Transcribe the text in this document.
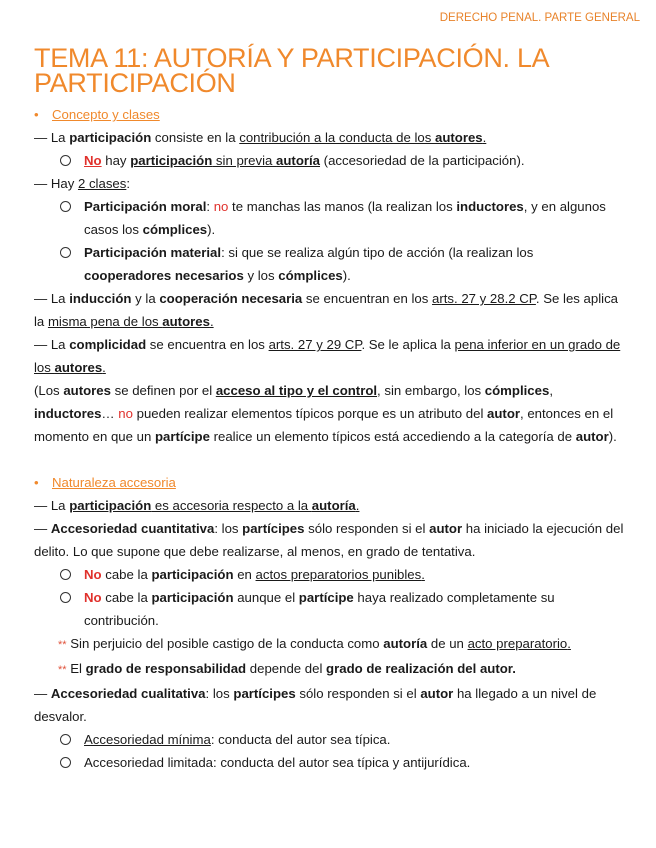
DERECHO PENAL. PARTE GENERAL
TEMA 11: AUTORÍA Y PARTICIPACIÓN. LA PARTICIPACIÓN
• Concepto y clases
— La participación consiste en la contribución a la conducta de los autores.
No hay participación sin previa autoría (accesoriedad de la participación).
— Hay 2 clases:
Participación moral: no te manchas las manos (la realizan los inductores, y en algunos casos los cómplices).
Participación material: si que se realiza algún tipo de acción (la realizan los cooperadores necesarios y los cómplices).
— La inducción y la cooperación necesaria se encuentran en los arts. 27 y 28.2 CP. Se les aplica la misma pena de los autores.
— La complicidad se encuentra en los arts. 27 y 29 CP. Se le aplica la pena inferior en un grado de los autores.
(Los autores se definen por el acceso al tipo y el control, sin embargo, los cómplices, inductores… no pueden realizar elementos típicos porque es un atributo del autor, entonces en el momento en que un partícipe realice un elemento típicos está accediendo a la categoría de autor).
• Naturaleza accesoria
— La participación es accesoria respecto a la autoría.
— Accesoriedad cuantitativa: los partícipes sólo responden si el autor ha iniciado la ejecución del delito. Lo que supone que debe realizarse, al menos, en grado de tentativa.
No cabe la participación en actos preparatorios punibles.
No cabe la participación aunque el partícipe haya realizado completamente su contribución.
** Sin perjuicio del posible castigo de la conducta como autoría de un acto preparatorio.
** El grado de responsabilidad depende del grado de realización del autor.
— Accesoriedad cualitativa: los partícipes sólo responden si el autor ha llegado a un nivel de desvalor.
Accesoriedad mínima: conducta del autor sea típica.
Accesoriedad limitada: conducta del autor sea típica y antijurídica.
